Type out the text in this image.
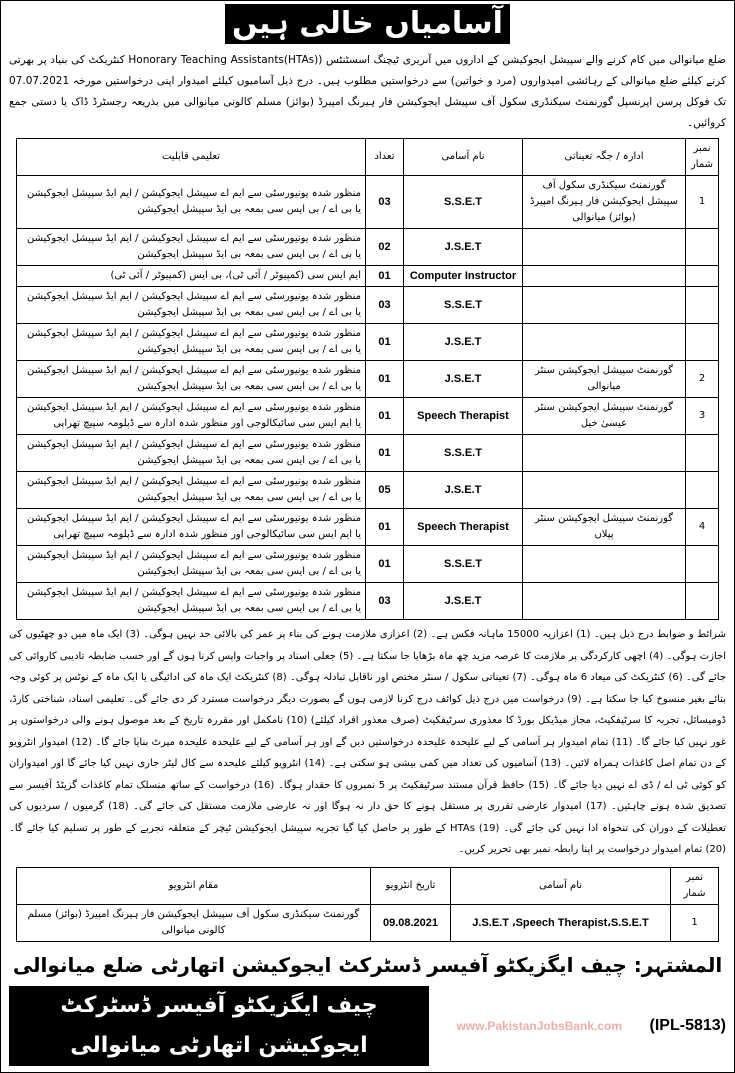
آسامیاں خالی ہیں
ضلع میانوالی میں کام کرنے والے سپیشل ایجوکیشن کے اداروں میں آنریری ٹیچنگ اسسٹنٹس (Honorary Teaching Assistants(HTAs) کنٹریکٹ کی بنیاد پر بھرتی کرنے کیلئے ضلع میانوالی کے رہائشی امیدواروں (مرد و خواتین) سے درخواستیں مطلوب ہیں۔ درج ذیل آسامیوں کیلئے امیدوار اپنی درخواستیں مورخہ 07.07.2021 تک فوکل پرسن اپرنسپل گورنمنٹ سیکنڈری سکول آف سپیشل ایجوکیشن فار ہیرنگ امپیرڈ (بوائز) مسلم کالونی میانوالی میں بذریعہ رجسٹرڈ ڈاک یا دستی جمع کروائیں۔
نمبر شمار	ادارہ / جگہ تعیناتی	نام آسامی	تعداد	تعلیمی قابلیت
1	گورنمنٹ سیکنڈری سکول آف سپیشل ایجوکیشن فار ہیرنگ امپیرڈ (بوائز) میانوالی	S.S.E.T	03	منظور شدہ یونیورسٹی سے ایم اے سپیشل ایجوکیشن / ایم ایڈ سپیشل ایجوکیشن یا بی اے / بی ایس سی بمعہ بی ایڈ سپیشل ایجوکیشن
		J.S.E.T	02	منظور شدہ یونیورسٹی سے ایم اے سپیشل ایجوکیشن / ایم ایڈ سپیشل ایجوکیشن یا بی اے / بی ایس سی بمعہ بی ایڈ سپیشل ایجوکیشن
		Computer Instructor	01	ایم ایس سی (کمپیوٹر / آئی ٹی)، بی ایس (کمپیوٹر / آئی ٹی)
		S.S.E.T	03	منظور شدہ یونیورسٹی سے ایم اے سپیشل ایجوکیشن / ایم ایڈ سپیشل ایجوکیشن یا بی اے / بی ایس سی بمعہ بی ایڈ سپیشل ایجوکیشن
		J.S.E.T	01	منظور شدہ یونیورسٹی سے ایم اے سپیشل ایجوکیشن / ایم ایڈ سپیشل ایجوکیشن یا بی اے / بی ایس سی بمعہ بی ایڈ سپیشل ایجوکیشن
2	گورنمنٹ سپیشل ایجوکیشن سنٹر میانوالی	J.S.E.T	01	منظور شدہ یونیورسٹی سے ایم اے سپیشل ایجوکیشن / ایم ایڈ سپیشل ایجوکیشن یا بی اے / بی ایس سی بمعہ بی ایڈ سپیشل ایجوکیشن
3	گورنمنٹ سپیشل ایجوکیشن سنٹر عیسیٰ خیل	Speech Therapist	01	منظور شدہ یونیورسٹی سے ایم اے سپیشل ایجوکیشن / ایم ایڈ سپیشل ایجوکیشن یا ایم ایس سی سائیکالوجی اور منظور شدہ ادارہ سے ڈپلومہ سپیچ تھراپی
		S.S.E.T	01	منظور شدہ یونیورسٹی سے ایم اے سپیشل ایجوکیشن / ایم ایڈ سپیشل ایجوکیشن یا بی اے / بی ایس سی بمعہ بی ایڈ سپیشل ایجوکیشن
		J.S.E.T	05	منظور شدہ یونیورسٹی سے ایم اے سپیشل ایجوکیشن / ایم ایڈ سپیشل ایجوکیشن یا بی اے / بی ایس سی بمعہ بی ایڈ سپیشل ایجوکیشن
4	گورنمنٹ سپیشل ایجوکیشن سنٹر پپلاں	Speech Therapist	01	منظور شدہ یونیورسٹی سے ایم اے سپیشل ایجوکیشن / ایم ایڈ سپیشل ایجوکیشن یا ایم ایس سی سائیکالوجی اور منظور شدہ ادارہ سے ڈپلومہ سپیچ تھراپی
		S.S.E.T	01	منظور شدہ یونیورسٹی سے ایم اے سپیشل ایجوکیشن / ایم ایڈ سپیشل ایجوکیشن یا بی اے / بی ایس سی بمعہ بی ایڈ سپیشل ایجوکیشن
		J.S.E.T	03	منظور شدہ یونیورسٹی سے ایم اے سپیشل ایجوکیشن / ایم ایڈ سپیشل ایجوکیشن یا بی اے / بی ایس سی بمعہ بی ایڈ سپیشل ایجوکیشن
شرائط و ضوابط درج ذیل ہیں۔ (1) اعزازیہ 15000 ماہانہ فکس ہے۔ (2) اعزازی ملازمت ہونے کی بناء پر عمر کی بالائی حد نہیں ہوگی۔ (3) ایک ماہ میں دو چھٹیوں کی اجازت ہوگی۔ (4) اچھی کارکردگی پر ملازمت کا عرصہ مزید چھ ماہ بڑھایا جا سکتا ہے۔ (5) جعلی اسناد پر واجبات واپس کرنا ہوں گے اور حسب ضابطہ تادیبی کاروائی کی جائے گی۔ (6) کنٹریکٹ کی میعاد 6 ماہ ہوگی۔ (7) تعیناتی سکول / سنٹر مختص اور ناقابل تبادلہ ہوگی۔ (8) کنٹریکٹ ایک ماہ کی ادائیگی یا ایک ماہ کے نوٹس پر کوئی وجہ بتائے بغیر منسوخ کیا جا سکتا ہے۔ (9) درخواست میں درج ذیل کوائف درج کرنا لازمی ہوں گے بصورت دیگر درخواست مسترد کر دی جائے گی۔ تعلیمی اسناد، شناختی کارڈ، ڈومیسائل، تجربہ کا سرٹیفکیٹ، مجاز میڈیکل بورڈ کا معذوری سرٹیفکیٹ (صرف معذور افراد کیلئے) (10) نامکمل اور مقررہ تاریخ کے بعد موصول ہونے والی درخواستوں پر غور نہیں کیا جائے گا۔ (11) تمام امیدوار ہر آسامی کے لیے علیحدہ علیحدہ درخواستیں دیں گے اور ہر آسامی کے لیے علیحدہ علیحدہ میرٹ بنایا جائے گا۔ (12) امیدوار انٹرویو کے دن تمام اصل کاغذات ہمراہ لائیں۔ (13) آسامیوں کی تعداد میں کمی بیشی ہو سکتی ہے۔ (14) انٹرویو کیلئے علیحدہ سے کال لیٹر جاری نہیں کیا جائے گا اور امیدواران کو کوئی ٹی اے / ڈی اے نہیں دیا جائے گا۔ (15) حافظ قرآن مستند سرٹیفکیٹ پر 5 نمبروں کا حقدار ہوگا۔ (16) درخواست کے ساتھ منسلک تمام کاغذات گزیٹڈ آفیسر سے تصدیق شدہ ہونے چاہئیں۔ (17) امیدوار عارضی تقرری پر مستقل ہونے کا حق دار نہ ہوگا اور نہ عارضی ملازمت مستقل کی جائے گی۔ (18) گرمیوں / سردیوں کی تعطیلات کے دوران کی تنخواہ ادا نہیں کی جائے گی۔ (19) HTAs کے طور پر حاصل کیا گیا تجربہ سپیشل ایجوکیشن ٹیچر کے متعلقہ تجربے کے طور پر تسلیم کیا جائے گا۔ (20) تمام امیدوار درخواست پر اپنا رابطہ نمبر بھی تحریر کریں۔
نمبر شمار	نام آسامی	تاریخ انٹرویو	مقام انٹرویو
1	J.S.E.T ،Speech Therapist،S.S.E.T	09.08.2021	گورنمنٹ سیکنڈری سکول آف سپیشل ایجوکیشن فار ہیرنگ امپیرڈ (بوائز) مسلم کالونی میانوالی
المشتہر: چیف ایگزیکٹو آفیسر ڈسٹرکٹ ایجوکیشن اتھارٹی ضلع میانوالی
چیف ایگزیکٹو آفیسر ڈسٹرکٹ ایجوکیشن اتھارٹی میانوالی
www.PakistanJobsBank.com (IPL-5813)
